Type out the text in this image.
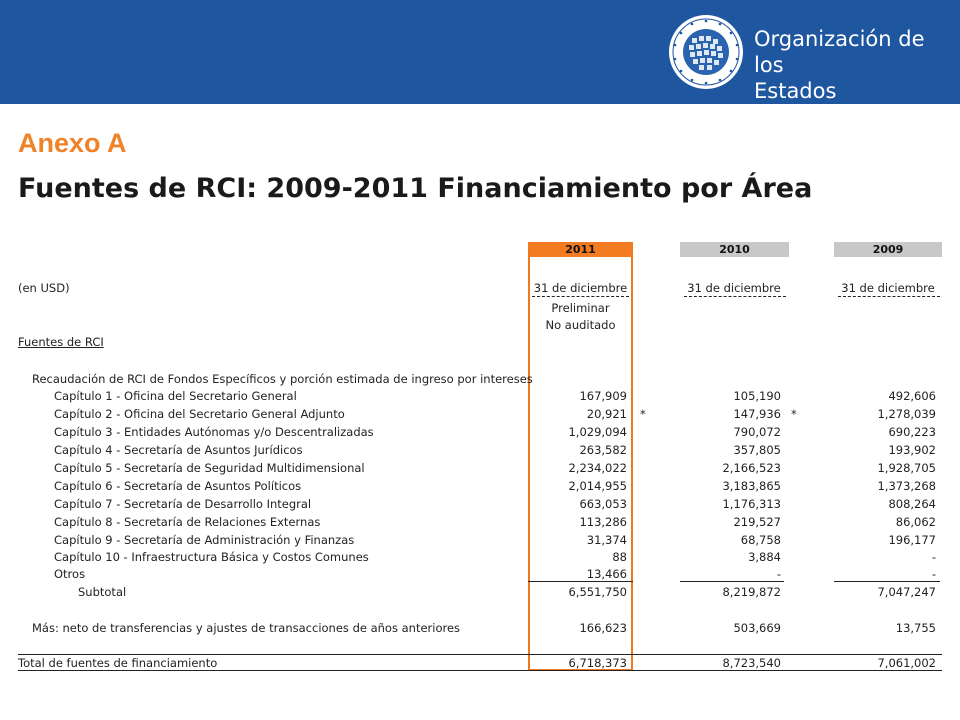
Organización de los
Estados Americanos
Anexo A
Fuentes de RCI: 2009-2011 Financiamiento por Área
2011	2010	2009
(en USD)	31 de diciembre	31 de diciembre	31 de diciembre
Preliminar
No auditado
Fuentes de RCI
Recaudación de RCI de Fondos Específicos y porción estimada de ingreso por intereses
Capítulo 1 - Oficina del Secretario General	167,909	105,190	492,606
Capítulo 2 - Oficina del Secretario General Adjunto	20,921 *	147,936 *	1,278,039
Capítulo 3 - Entidades Autónomas y/o Descentralizadas	1,029,094	790,072	690,223
Capítulo 4 - Secretaría de Asuntos Jurídicos	263,582	357,805	193,902
Capítulo 5 - Secretaría de Seguridad Multidimensional	2,234,022	2,166,523	1,928,705
Capítulo 6 - Secretaría de Asuntos Políticos	2,014,955	3,183,865	1,373,268
Capítulo 7 - Secretaría de Desarrollo Integral	663,053	1,176,313	808,264
Capítulo 8 - Secretaría de Relaciones Externas	113,286	219,527	86,062
Capítulo 9 - Secretaría de Administración y Finanzas	31,374	68,758	196,177
Capítulo 10 - Infraestructura Básica y Costos Comunes	88	3,884	-
Otros	13,466	-	-
Subtotal	6,551,750	8,219,872	7,047,247
Más: neto de transferencias y ajustes de transacciones de años anteriores	166,623	503,669	13,755
Total de fuentes de financiamiento	6,718,373	8,723,540	7,061,002
